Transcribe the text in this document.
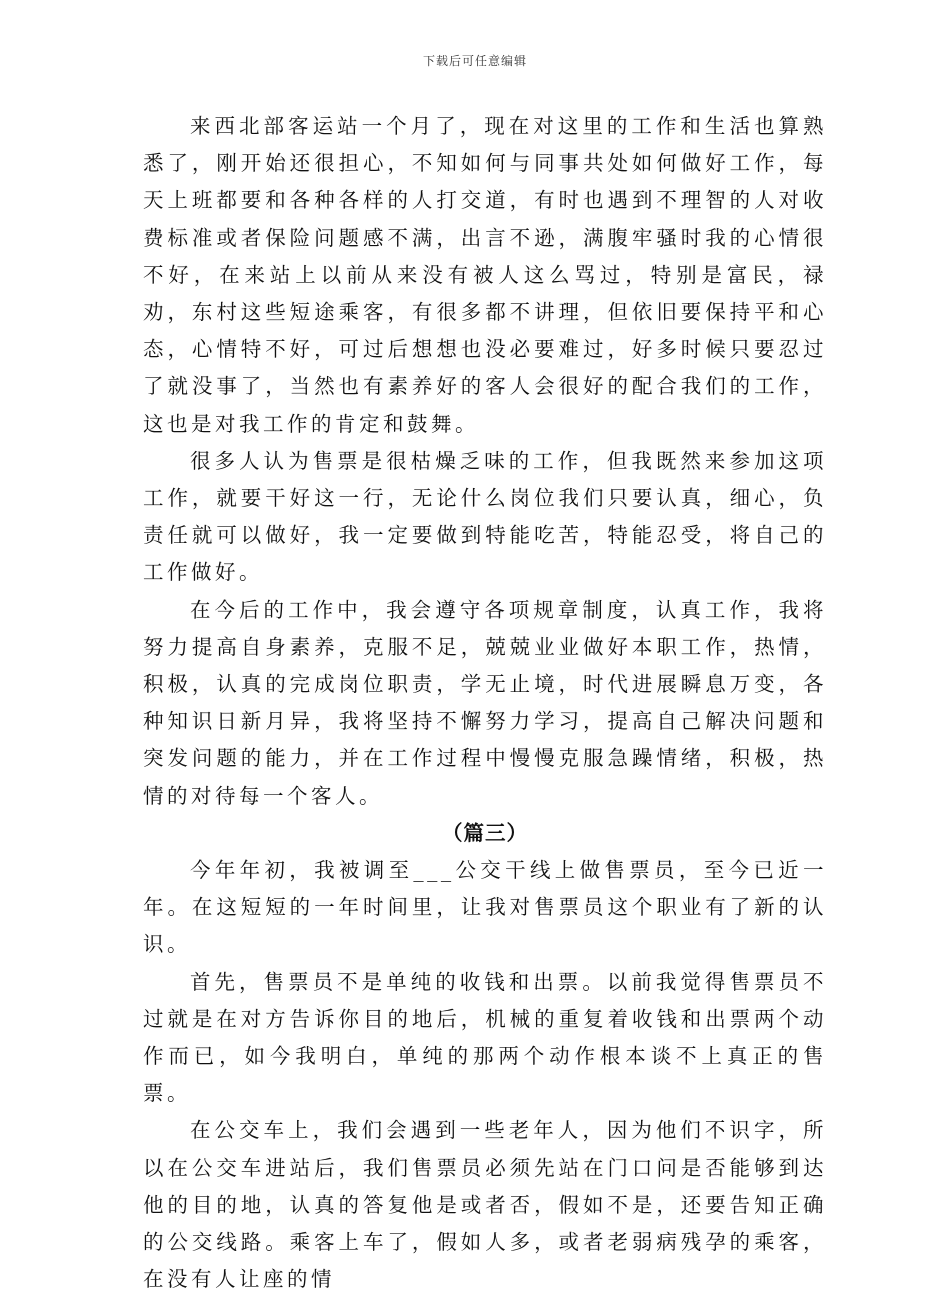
下载后可任意编辑

来西北部客运站一个月了，现在对这里的工作和生活也算熟悉了，刚开始还很担心，不知如何与同事共处如何做好工作，每天上班都要和各种各样的人打交道，有时也遇到不理智的人对收费标准或者保险问题感不满，出言不逊，满腹牢骚时我的心情很不好，在来站上以前从来没有被人这么骂过，特别是富民，禄劝，东村这些短途乘客，有很多都不讲理，但依旧要保持平和心态，心情特不好，可过后想想也没必要难过，好多时候只要忍过了就没事了，当然也有素养好的客人会很好的配合我们的工作，这也是对我工作的肯定和鼓舞。

很多人认为售票是很枯燥乏味的工作，但我既然来参加这项工作，就要干好这一行，无论什么岗位我们只要认真，细心，负责任就可以做好，我一定要做到特能吃苦，特能忍受，将自己的工作做好。

在今后的工作中，我会遵守各项规章制度，认真工作，我将努力提高自身素养，克服不足，兢兢业业做好本职工作，热情，积极，认真的完成岗位职责，学无止境，时代进展瞬息万变，各种知识日新月异，我将坚持不懈努力学习，提高自己解决问题和突发问题的能力，并在工作过程中慢慢克服急躁情绪，积极，热情的对待每一个客人。

（篇三）

今年年初，我被调至___公交干线上做售票员，至今已近一年。在这短短的一年时间里，让我对售票员这个职业有了新的认识。

首先，售票员不是单纯的收钱和出票。以前我觉得售票员不过就是在对方告诉你目的地后，机械的重复着收钱和出票两个动作而已，如今我明白，单纯的那两个动作根本谈不上真正的售票。

在公交车上，我们会遇到一些老年人，因为他们不识字，所以在公交车进站后，我们售票员必须先站在门口问是否能够到达他的目的地，认真的答复他是或者否，假如不是，还要告知正确的公交线路。乘客上车了，假如人多，或者老弱病残孕的乘客，在没有人让座的情
